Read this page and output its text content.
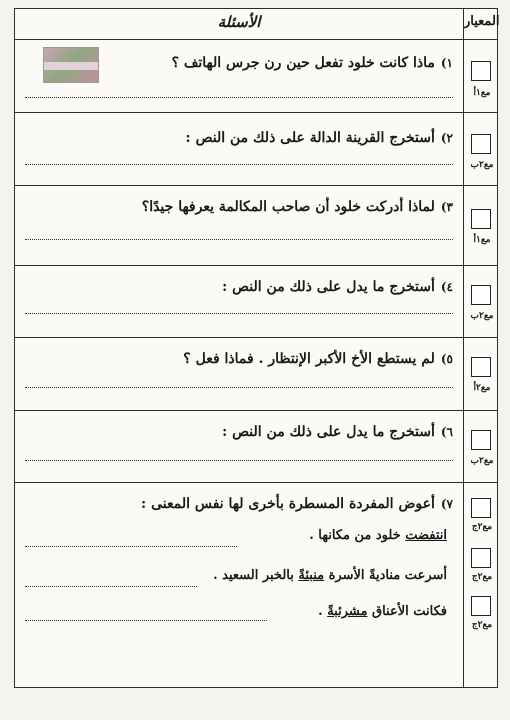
الأسئلة	المعيار
١)ماذا كانت خلود تفعل حين رن جرس الهاتف ؟
مع١أ
٢)أستخرج القرينة الدالة على ذلك من النص :
مع٢ب
٣)لماذا أدركت خلود أن صاحب المكالمة يعرفها جيدًا؟
مع١أ
٤)أستخرج ما يدل على ذلك من النص :
مع٢ب
٥)لم يستطع الأخ الأكبر الإنتظار . فماذا فعل ؟
مع٢أ
٦)أستخرج ما يدل على ذلك من النص :
مع٢ب
٧)أعوض المفردة المسطرة بأخرى لها نفس المعنى :
انتفضت خلود من مكانها .
أسرعت مناديةً الأسرة منبئةً بالخبر السعيد .
فكانت الأعناق مشرئبةً .
مع٢ج
مع٢ج
مع٢ج
